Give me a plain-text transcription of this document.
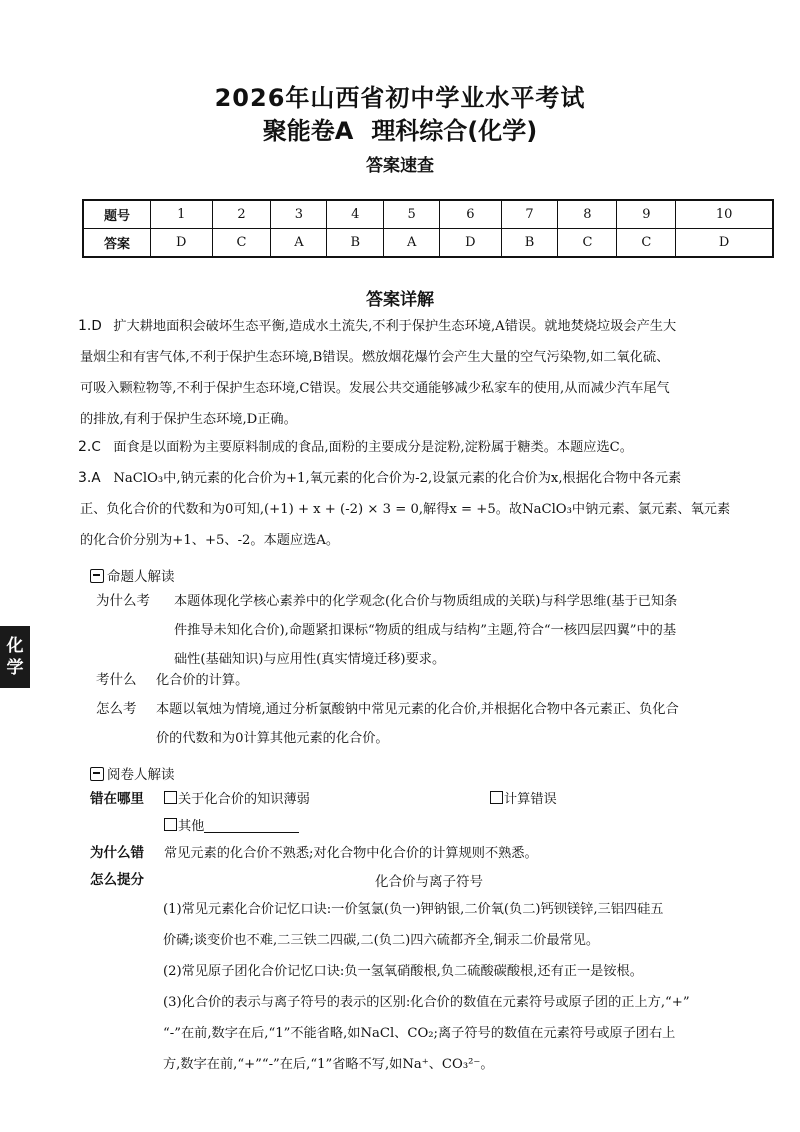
2026年山西省初中学业水平考试
聚能卷A 理科综合(化学)
答案速查
题号	1	2	3	4	5	6	7	8	9	10
答案	D	C	A	B	A	D	B	C	C	D
答案详解
1.D 扩大耕地面积会破坏生态平衡,造成水土流失,不利于保护生态环境,A错误。就地焚烧垃圾会产生大
量烟尘和有害气体,不利于保护生态环境,B错误。燃放烟花爆竹会产生大量的空气污染物,如二氧化硫、
可吸入颗粒物等,不利于保护生态环境,C错误。发展公共交通能够减少私家车的使用,从而减少汽车尾气
的排放,有利于保护生态环境,D正确。
2.C 面食是以面粉为主要原料制成的食品,面粉的主要成分是淀粉,淀粉属于糖类。本题应选C。
3.A NaClO₃中,钠元素的化合价为+1,氧元素的化合价为-2,设氯元素的化合价为x,根据化合物中各元素
正、负化合价的代数和为0可知,(+1) + x + (-2) × 3 = 0,解得x = +5。故NaClO₃中钠元素、氯元素、氧元素
的化合价分别为+1、+5、-2。本题应选A。
命题人解读
为什么考	本题体现化学核心素养中的化学观念(化合价与物质组成的关联)与科学思维(基于已知条
件推导未知化合价),命题紧扣课标“物质的组成与结构”主题,符合“一核四层四翼”中的基
础性(基础知识)与应用性(真实情境迁移)要求。
考什么	化合价的计算。
怎么考	本题以氧烛为情境,通过分析氯酸钠中常见元素的化合价,并根据化合物中各元素正、负化合
价的代数和为0计算其他元素的化合价。
化
学
阅卷人解读
错在哪里	关于化合价的知识薄弱	计算错误
其他
为什么错 常见元素的化合价不熟悉;对化合物中化合价的计算规则不熟悉。
怎么提分	化合价与离子符号
(1)常见元素化合价记忆口诀:一价氢氯(负一)钾钠银,二价氧(负二)钙钡镁锌,三铝四硅五
价磷;谈变价也不难,二三铁二四碳,二(负二)四六硫都齐全,铜汞二价最常见。
(2)常见原子团化合价记忆口诀:负一氢氧硝酸根,负二硫酸碳酸根,还有正一是铵根。
(3)化合价的表示与离子符号的表示的区别:化合价的数值在元素符号或原子团的正上方,“+”
“-”在前,数字在后,“1”不能省略,如NaCl、CO₂;离子符号的数值在元素符号或原子团右上
方,数字在前,“+”“-”在后,“1”省略不写,如Na⁺、CO₃²⁻。
